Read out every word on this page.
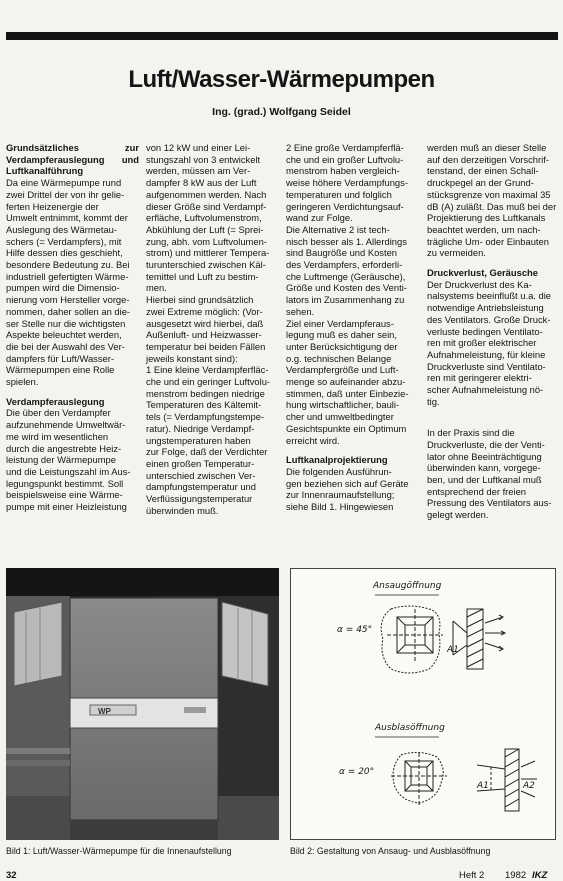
Luft/Wasser-Wärmepumpen
Ing. (grad.) Wolfgang Seidel

Grundsätzliches zur Verdampferauslegung und Luftkanalführung

Da eine Wärmepumpe rund
zwei Drittel der von ihr gelie-
ferten Heizenergie der
Umwelt entnimmt, kommt der
Auslegung des Wärmetau-
schers (= Verdampfers), mit
Hilfe dessen dies geschieht,
besondere Bedeutung zu. Bei
industriell gefertigten Wärme-
pumpen wird die Dimensio-
nierung vom Hersteller vorge-
nommen, daher sollen an die-
ser Stelle nur die wichtigsten
Aspekte beleuchtet werden,
die bei der Auswahl des Ver-
dampfers für Luft/Wasser-
Wärmepumpen eine Rolle
spielen.

Verdampferauslegung

Die über den Verdampfer
aufzunehmende Umweltwär-
me wird im wesentlichen
durch die angestrebte Heiz-
leistung der Wärmepumpe
und die Leistungszahl im Aus-
legungspunkt bestimmt. Soll
beispielsweise eine Wärme-
pumpe mit einer Heizleistung

von 12 kW und einer Lei-
stungszahl von 3 entwickelt
werden, müssen am Ver-
dampfer 8 kW aus der Luft
aufgenommen werden. Nach
dieser Größe sind Verdampf-
erfläche, Luftvolumenstrom,
Abkühlung der Luft (= Sprei-
zung, abh. vom Luftvolumen-
strom) und mittlerer Tempera-
turunterschied zwischen Käl-
temittel und Luft zu bestim-
men.

Hierbei sind grundsätzlich
zwei Extreme möglich: (Vor-
ausgesetzt wird hierbei, daß
Außenluft- und Heizwasser-
temperatur bei beiden Fällen
jeweils konstant sind):
1 Eine kleine Verdampferfläc-
che und ein geringer Luftvolu-
menstrom bedingen niedrige
Temperaturen des Kältemit-
tels (= Verdampfungstempe-
ratur). Niedrige Verdampf-
ungstemperaturen haben
zur Folge, daß der Verdichter
einen großen Temperatur-
unterschied zwischen Ver-
dampfungstemperatur und
Verflüssigungstemperatur
überwinden muß.

2 Eine große Verdampferflä-
che und ein großer Luftvolu-
menstrom haben vergleich-
weise höhere Verdampfungs-
temperaturen und folglich
geringeren Verdichtungsauf-
wand zur Folge.

Die Alternative 2 ist tech-
nisch besser als 1. Allerdings
sind Baugröße und Kosten
des Verdampfers, erforderli-
che Luftmenge (Geräusche),
Größe und Kosten des Venti-
lators im Zusammenhang zu
sehen.

Ziel einer Verdampferaus-
legung muß es daher sein,
unter Berücksichtigung der
o.g. technischen Belange
Verdampfergröße und Luft-
menge so aufeinander abzu-
stimmen, daß unter Einbezie-
hung wirtschaftlicher, bauli-
cher und umweltbedingter
Gesichtspunkte ein Optimum
erreicht wird.

Luftkanalprojektierung

Die folgenden Ausführun-
gen beziehen sich auf Geräte
zur Innenraumaufstellung;
siehe Bild 1. Hingewiesen

werden muß an dieser Stelle
auf den derzeitigen Vorschrif-
tenstand, der einen Schall-
druckpegel an der Grund-
stücksgrenze von maximal 35
dB (A) zuläßt. Das muß bei der
Projektierung des Luftkanals
beachtet werden, um nach-
trägliche Um- oder Einbauten
zu vermeiden.

Druckverlust, Geräusche

Der Druckverlust des Ka-
nalsystems beeinflußt u.a. die
notwendige Antriebsleistung
des Ventilators. Große Druck-
verluste bedingen Ventilato-
ren mit großer elektrischer
Aufnahmeleistung, für kleine
Druckverluste sind Ventilato-
ren mit geringerer elektri-
scher Aufnahmeleistung nö-
tig.

In der Praxis sind die
Druckverluste, die der Venti-
lator ohne Beeinträchtigung
überwinden kann, vorgege-
ben, und der Luftkanal muß
entsprechend der freien
Pressung des Ventilators aus-
gelegt werden.

WP
Ansaugöffnung
α = 45°
A1
Ausblasöffnung
α = 20°
A1	A2
Bild 1: Luft/Wasser-Wärmepumpe für die Innenaufstellung	Bild 2: Gestaltung von Ansaug- und Ausblasöffnung
32	Heft 2 1982 IKZ
